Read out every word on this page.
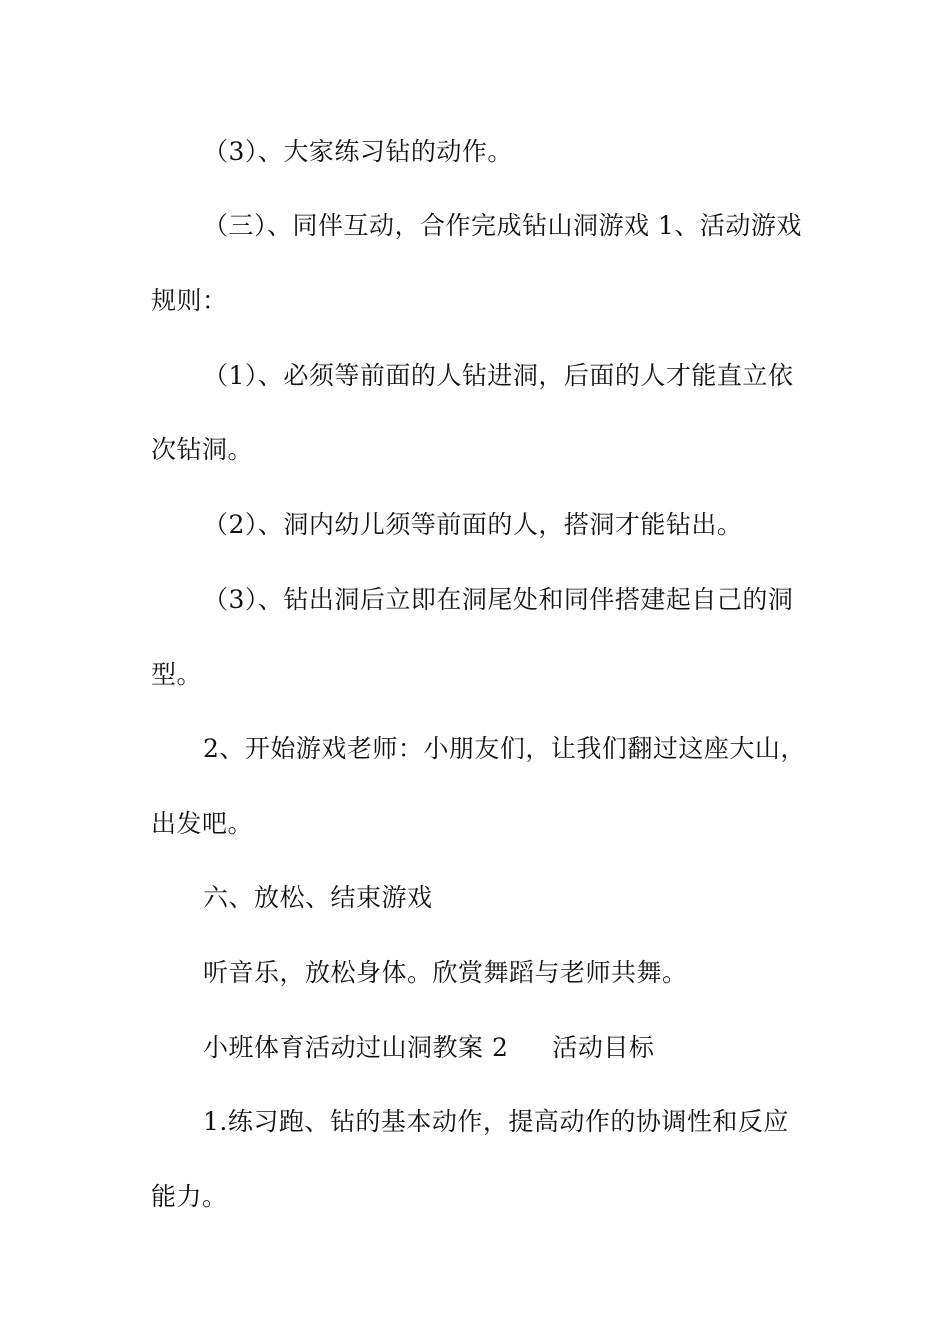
（3）、大家练习钻的动作。
（三）、同伴互动，合作完成钻山洞游戏 1、活动游戏
规则：
（1）、必须等前面的人钻进洞，后面的人才能直立依
次钻洞。
（2）、洞内幼儿须等前面的人，搭洞才能钻出。
（3）、钻出洞后立即在洞尾处和同伴搭建起自己的洞
型。
2、开始游戏老师：小朋友们，让我们翻过这座大山，
出发吧。
六、放松、结束游戏
听音乐，放松身体。欣赏舞蹈与老师共舞。
小班体育活动过山洞教案 2 活动目标
1.练习跑、钻的基本动作，提高动作的协调性和反应
能力。
